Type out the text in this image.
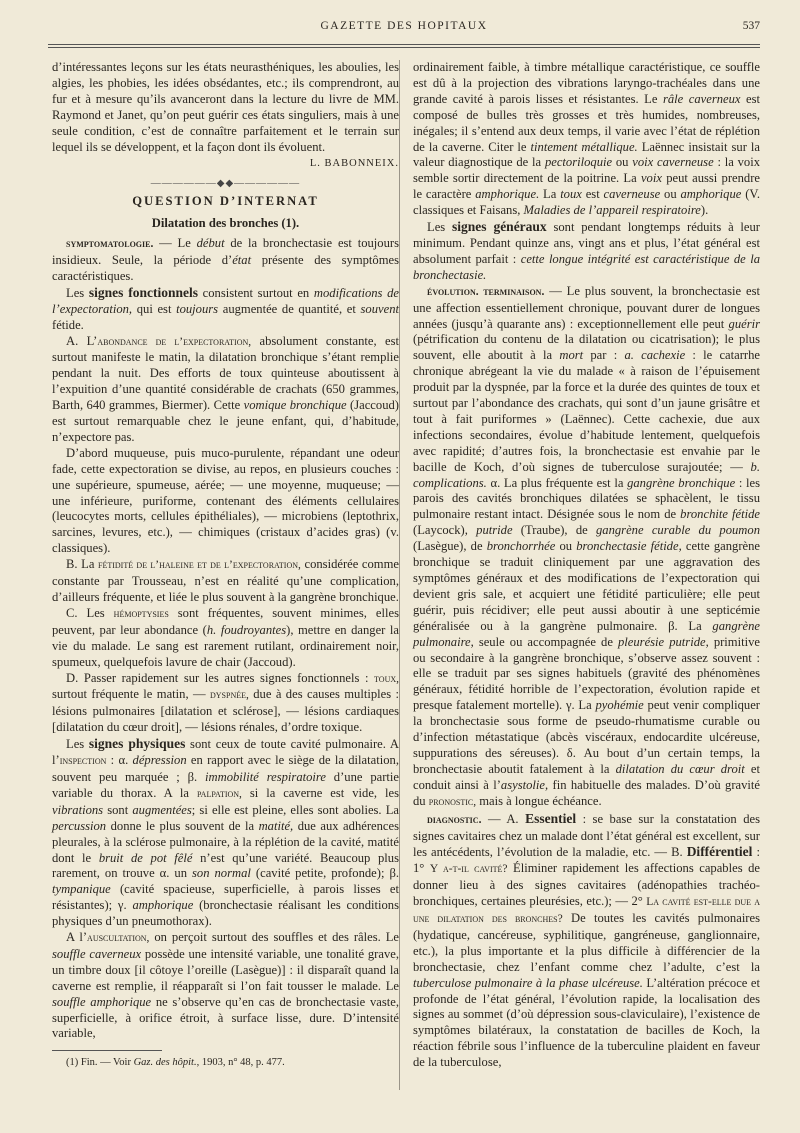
GAZETTE DES HOPITAUX	537

d’intéressantes leçons sur les états neurasthéniques, les aboulies, les algies, les phobies, les idées obsédantes, etc.; ils comprendront, au fur et à mesure qu’ils avanceront dans la lecture du livre de MM. Raymond et Janet, qu’on peut guérir ces états singuliers, mais à une seule condition, c’est de connaître parfaitement et le terrain sur lequel ils se développent, et la façon dont ils évoluent.

L. BABONNEIX.
——————◆◆——————
QUESTION D’INTERNAT
Dilatation des bronches (1).

symptomatologie. — Le début de la bronchectasie est toujours insidieux. Seule, la période d’état présente des symptômes caractéristiques.

Les signes fonctionnels consistent surtout en modifications de l’expectoration, qui est toujours augmentée de quantité, et souvent fétide.

A. L’abondance de l’expectoration, absolument constante, est surtout manifeste le matin, la dilatation bronchique s’étant remplie pendant la nuit. Des efforts de toux quinteuse aboutissent à l’expuition d’une quantité considérable de crachats (650 grammes, Barth, 640 grammes, Biermer). Cette vomique bronchique (Jaccoud) est surtout remarquable chez le jeune enfant, qui, d’habitude, n’expectore pas.

D’abord muqueuse, puis muco-purulente, répandant une odeur fade, cette expectoration se divise, au repos, en plusieurs couches : une supérieure, spumeuse, aérée; — une moyenne, muqueuse; — une inférieure, puriforme, contenant des éléments cellulaires (leucocytes morts, cellules épithéliales), — microbiens (leptothrix, sarcines, levures, etc.), — chimiques (cristaux d’acides gras) (v. classiques).

B. La fétidité de l’haleine et de l’expectoration, considérée comme constante par Trousseau, n’est en réalité qu’une complication, d’ailleurs fréquente, et liée le plus souvent à la gangrène bronchique.

C. Les hémoptysies sont fréquentes, souvent minimes, elles peuvent, par leur abondance (h. foudroyantes), mettre en danger la vie du malade. Le sang est rarement rutilant, ordinairement noir, spumeux, quelquefois lavure de chair (Jaccoud).

D. Passer rapidement sur les autres signes fonctionnels : toux, surtout fréquente le matin, — dyspnée, due à des causes multiples : lésions pulmonaires [dilatation et sclérose], — lésions cardiaques [dilatation du cœur droit], — lésions rénales, d’ordre toxique.

Les signes physiques sont ceux de toute cavité pulmonaire. A l’inspection : α. dépression en rapport avec le siège de la dilatation, souvent peu marquée ; β. immobilité respiratoire d’une partie variable du thorax. A la palpation, si la caverne est vide, les vibrations sont augmentées; si elle est pleine, elles sont abolies. La percussion donne le plus souvent de la matité, due aux adhérences pleurales, à la sclérose pulmonaire, à la réplétion de la cavité, matité dont le bruit de pot fêlé n’est qu’une variété. Beaucoup plus rarement, on trouve α. un son normal (cavité petite, profonde); β. tympanique (cavité spacieuse, superficielle, à parois lisses et résistantes); γ. amphorique (bronchectasie réalisant les conditions physiques d’un pneumothorax).

A l’auscultation, on perçoit surtout des souffles et des râles. Le souffle caverneux possède une intensité variable, une tonalité grave, un timbre doux [il côtoye l’oreille (Lasègue)] : il disparaît quand la caverne est remplie, il réapparaît si l’on fait tousser le malade. Le souffle amphorique ne s’observe qu’en cas de bronchectasie vaste, superficielle, à orifice étroit, à surface lisse, dure. D’intensité variable,

(1) Fin. — Voir Gaz. des hôpit., 1903, n° 48, p. 477.

ordinairement faible, à timbre métallique caractéristique, ce souffle est dû à la projection des vibrations laryngo-trachéales dans une grande cavité à parois lisses et résistantes. Le râle caverneux est composé de bulles très grosses et très humides, nombreuses, inégales; il s’entend aux deux temps, il varie avec l’état de réplétion de la caverne. Citer le tintement métallique. Laënnec insistait sur la valeur diagnostique de la pectoriloquie ou voix caverneuse : la voix semble sortir directement de la poitrine. La voix peut aussi prendre le caractère amphorique. La toux est caverneuse ou amphorique (V. classiques et Faisans, Maladies de l’appareil respiratoire).

Les signes généraux sont pendant longtemps réduits à leur minimum. Pendant quinze ans, vingt ans et plus, l’état général est absolument parfait : cette longue intégrité est caractéristique de la bronchectasie.

évolution. terminaison. — Le plus souvent, la bronchectasie est une affection essentiellement chronique, pouvant durer de longues années (jusqu’à quarante ans) : exceptionnellement elle peut guérir (pétrification du contenu de la dilatation ou cicatrisation); le plus souvent, elle aboutit à la mort par : a. cachexie : le catarrhe chronique abrégeant la vie du malade « à raison de l’épuisement produit par la dyspnée, par la force et la durée des quintes de toux et surtout par l’abondance des crachats, qui sont d’un jaune grisâtre et tout à fait puriformes » (Laënnec). Cette cachexie, due aux infections secondaires, évolue d’habitude lentement, quelquefois avec rapidité; d’autres fois, la bronchectasie est envahie par le bacille de Koch, d’où signes de tuberculose surajoutée; — b. complications. α. La plus fréquente est la gangrène bronchique : les parois des cavités bronchiques dilatées se sphacèlent, le tissu pulmonaire restant intact. Désignée sous le nom de bronchite fétide (Laycock), putride (Traube), de gangrène curable du poumon (Lasègue), de bronchorrhée ou bronchectasie fétide, cette gangrène bronchique se traduit cliniquement par une aggravation des symptômes généraux et des modifications de l’expectoration qui devient gris sale, et acquiert une fétidité particulière; elle peut guérir, puis récidiver; elle peut aussi aboutir à une septicémie généralisée ou à la gangrène pulmonaire. β. La gangrène pulmonaire, seule ou accompagnée de pleurésie putride, primitive ou secondaire à la gangrène bronchique, s’observe assez souvent : elle se traduit par ses signes habituels (gravité des phénomènes généraux, fétidité horrible de l’expectoration, évolution rapide et presque fatalement mortelle). γ. La pyohémie peut venir compliquer la bronchectasie sous forme de pseudo-rhumatisme curable ou d’infection métastatique (abcès viscéraux, endocardite ulcéreuse, suppurations des séreuses). δ. Au bout d’un certain temps, la bronchectasie aboutit fatalement à la dilatation du cœur droit et conduit ainsi à l’asystolie, fin habituelle des malades. D’où gravité du pronostic, mais à longue échéance.

diagnostic. — A. Essentiel : se base sur la constatation des signes cavitaires chez un malade dont l’état général est excellent, sur les antécédents, l’évolution de la maladie, etc. — B. Différentiel : 1° Y a-t-il cavité? Éliminer rapidement les affections capables de donner lieu à des signes cavitaires (adénopathies trachéo-bronchiques, certaines pleurésies, etc.); — 2° La cavité est-elle due a une dilatation des bronches? De toutes les cavités pulmonaires (hydatique, cancéreuse, syphilitique, gangréneuse, ganglionnaire, etc.), la plus importante et la plus difficile à différencier de la bronchectasie, chez l’enfant comme chez l’adulte, c’est la tuberculose pulmonaire à la phase ulcéreuse. L’altération précoce et profonde de l’état général, l’évolution rapide, la localisation des signes au sommet (d’où dépression sous-claviculaire), l’existence de symptômes bilatéraux, la constatation de bacilles de Koch, la réaction fébrile sous l’influence de la tuberculine plaident en faveur de la tuberculose,
